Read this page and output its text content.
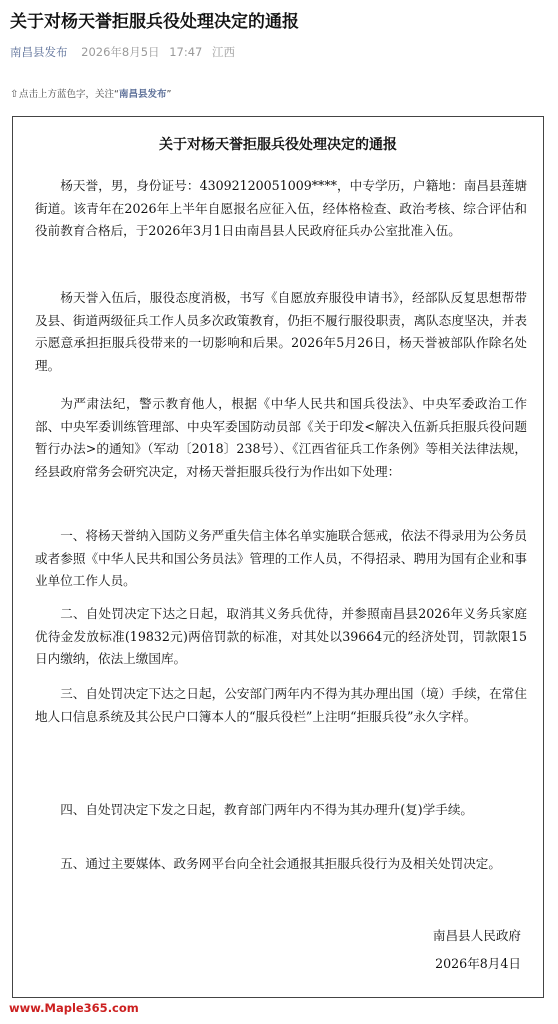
关于对杨天誉拒服兵役处理决定的通报
南昌县发布 2026年8月5日 17:47 江西
⇧点击上方蓝色字，关注“南昌县发布”
关于对杨天誉拒服兵役处理决定的通报
杨天誉，男，身份证号：43092120051009****，中专学历，户籍地：南昌县莲塘街道。该青年在2026年上半年自愿报名应征入伍，经体格检查、政治考核、综合评估和役前教育合格后，于2026年3月1日由南昌县人民政府征兵办公室批准入伍。
杨天誉入伍后，服役态度消极，书写《自愿放弃服役申请书》，经部队反复思想帮带及县、街道两级征兵工作人员多次政策教育，仍拒不履行服役职责，离队态度坚决，并表示愿意承担拒服兵役带来的一切影响和后果。2026年5月26日，杨天誉被部队作除名处理。
为严肃法纪，警示教育他人，根据《中华人民共和国兵役法》、中央军委政治工作部、中央军委训练管理部、中央军委国防动员部《关于印发<解决入伍新兵拒服兵役问题暂行办法>的通知》（军动〔2018〕238号）、《江西省征兵工作条例》等相关法律法规，经县政府常务会研究决定，对杨天誉拒服兵役行为作出如下处理：
一、将杨天誉纳入国防义务严重失信主体名单实施联合惩戒，依法不得录用为公务员或者参照《中华人民共和国公务员法》管理的工作人员，不得招录、聘用为国有企业和事业单位工作人员。
二、自处罚决定下达之日起，取消其义务兵优待，并参照南昌县2026年义务兵家庭优待金发放标准(19832元)两倍罚款的标准，对其处以39664元的经济处罚，罚款限15日内缴纳，依法上缴国库。
三、自处罚决定下达之日起，公安部门两年内不得为其办理出国（境）手续，在常住地人口信息系统及其公民户口簿本人的“服兵役栏”上注明“拒服兵役”永久字样。
四、自处罚决定下发之日起，教育部门两年内不得为其办理升(复)学手续。
五、通过主要媒体、政务网平台向全社会通报其拒服兵役行为及相关处罚决定。
南昌县人民政府
2026年8月4日
www.Maple365.com
